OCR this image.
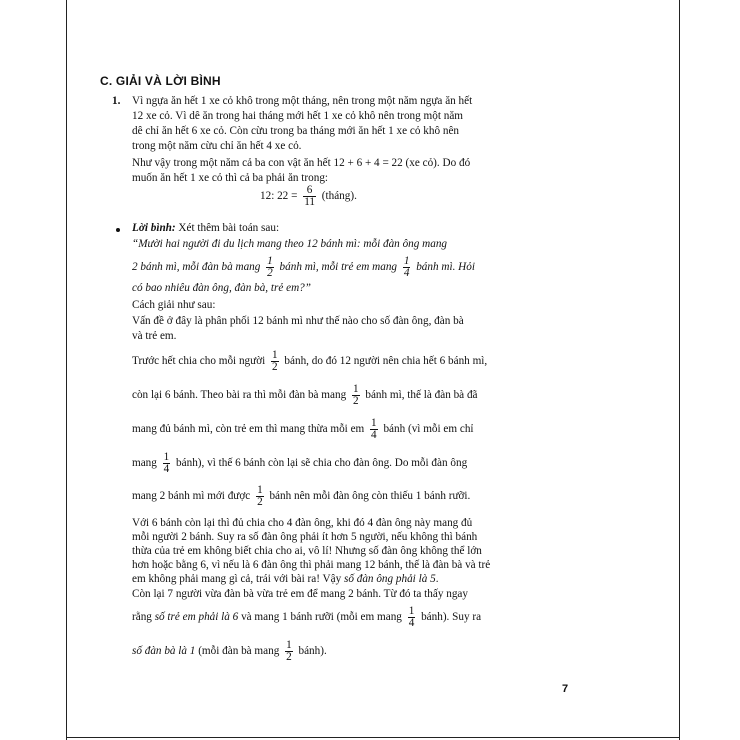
C. GIẢI VÀ LỜI BÌNH
1. Vì ngựa ăn hết 1 xe cỏ khô trong một tháng, nên trong một năm ngựa ăn hết
12 xe cỏ. Vì dê ăn trong hai tháng mới hết 1 xe cỏ khô nên trong một năm
dê chỉ ăn hết 6 xe cỏ. Còn cừu trong ba tháng mới ăn hết 1 xe cỏ khô nên
trong một năm cừu chỉ ăn hết 4 xe cỏ.
Như vậy trong một năm cả ba con vật ăn hết 12 + 6 + 4 = 22 (xe cỏ). Do đó
muốn ăn hết 1 xe cỏ thì cả ba phải ăn trong:
12: $22 = \frac{6}{11}$ (tháng).
Lời bình: Xét thêm bài toán sau:
“Mười hai người đi du lịch mang theo 12 bánh mì: mỗi đàn ông mang
2 bánh mì, mỗi đàn bà mang $\frac{1}{2}$ bánh mì, mỗi trẻ em mang $\frac{1}{4}$ bánh mì. Hỏi
có bao nhiêu đàn ông, đàn bà, trẻ em?”
Cách giải như sau:
Vấn đề ở đây là phân phối 12 bánh mì như thế nào cho số đàn ông, đàn bà
và trẻ em.
Trước hết chia cho mỗi người $\frac{1}{2}$ bánh, do đó 12 người nên chia hết 6 bánh mì,
còn lại 6 bánh. Theo bài ra thì mỗi đàn bà mang $\frac{1}{2}$ bánh mì, thế là đàn bà đã
mang đủ bánh mì, còn trẻ em thì mang thừa mỗi em $\frac{1}{4}$ bánh (vì mỗi em chỉ
mang $\frac{1}{4}$ bánh), vì thế 6 bánh còn lại sẽ chia cho đàn ông. Do mỗi đàn ông
mang 2 bánh mì mới được $\frac{1}{2}$ bánh nên mỗi đàn ông còn thiếu 1 bánh rưỡi.
Với 6 bánh còn lại thì đủ chia cho 4 đàn ông, khi đó 4 đàn ông này mang đủ
mỗi người 2 bánh. Suy ra số đàn ông phải ít hơn 5 người, nếu không thì bánh
thừa của trẻ em không biết chia cho ai, vô lí! Nhưng số đàn ông không thể lớn
hơn hoặc bằng 6, vì nếu là 6 đàn ông thì phải mang 12 bánh, thế là đàn bà và trẻ
em không phải mang gì cả, trái với bài ra! Vậy số đàn ông phải là 5.
Còn lại 7 người vừa đàn bà vừa trẻ em để mang 2 bánh. Từ đó ta thấy ngay
rằng số trẻ em phải là 6 và mang 1 bánh rưỡi (mỗi em mang $\frac{1}{4}$ bánh). Suy ra
số đàn bà là 1 (mỗi đàn bà mang $\frac{1}{2}$ bánh).
7
